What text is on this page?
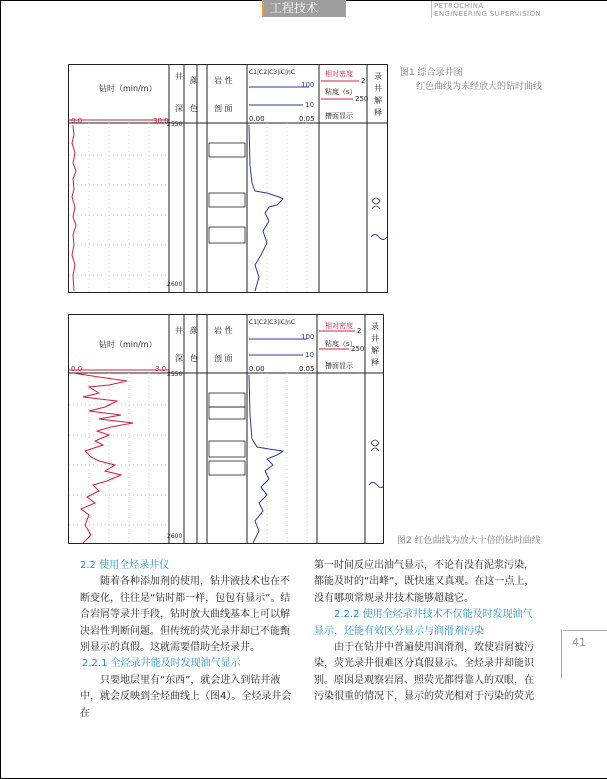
工程技术	PETROCHINA
ENGINEERING SUPERVISION
钻时（min/m）
0.0	30.0
井
深
颜
色
岩 性
剖 面
C1|C2|C3|iC|nC
100
10
0.00	0.05
相对密度
2
粘度（s）
250
槽面显示
录
井
解
释
2550
2600
图1 综合录井图
红色曲线为未经放大的钻时曲线
钻时（min/m）
0.0	3.0
井
深
颜
色
岩 性
剖 面
C1|C2|C3|iC|nC
100
10
0.00	0.05
相对密度
2
粘度（s）
250
槽面显示
录
井
解
释
2550
2600	图2 红色曲线为放大十倍的钻时曲线

2.2 使用全烃录井仪

随着各种添加剂的使用，钻井液技术也在不断变化，往往是“钻时都一样，包包有显示”。结合岩屑等录井手段，钻时放大曲线基本上可以解决岩性判断问题。但传统的荧光录井却已不能甄别显示的真假。这就需要借助全烃录井。

2.2.1 全烃录井能及时发现油气显示

只要地层里有“东西”，就会进入到钻井液中，就会反映到全烃曲线上（图4）。全烃录井会在

第一时间反应出油气显示，不论有没有泥浆污染，都能及时的“出峰”，既快速又真观。在这一点上，没有哪项常规录井技术能够超越它。

2.2.2 使用全烃录井技术不仅能及时发现油气显示，还能有效区分显示与润滑剂污染

由于在钻井中普遍使用润滑剂，致使岩屑被污染，荧光录井很难区分真假显示。全烃录井却能识别。原因是观察岩屑、照荧光都得靠人的双眼，在污染很重的情况下，显示的荧光相对于污染的荧光

41
